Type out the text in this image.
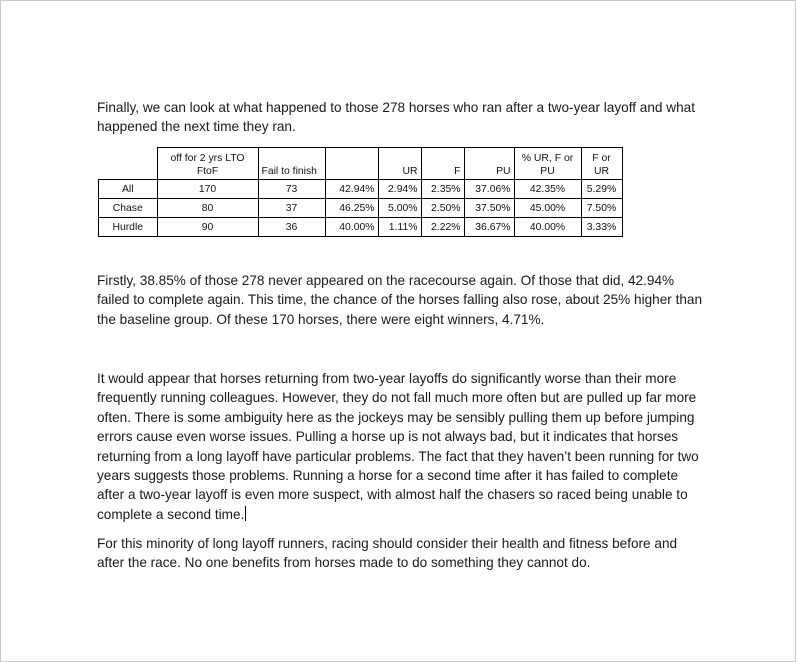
Finally, we can look at what happened to those 278 horses who ran after a two-year layoff and what happened the next time they ran.

	off for 2 yrs LTO FtoF	Fail to finish		UR	F	PU	% UR, F or PU	F or UR
All	170	73	42.94%	2.94%	2.35%	37.06%	42.35%	5.29%
Chase	80	37	46.25%	5.00%	2.50%	37.50%	45.00%	7.50%
Hurdle	90	36	40.00%	1.11%	2.22%	36.67%	40.00%	3.33%

Firstly, 38.85% of those 278 never appeared on the racecourse again. Of those that did, 42.94% failed to complete again. This time, the chance of the horses falling also rose, about 25% higher than the baseline group. Of these 170 horses, there were eight winners, 4.71%.

It would appear that horses returning from two-year layoffs do significantly worse than their more frequently running colleagues. However, they do not fall much more often but are pulled up far more often. There is some ambiguity here as the jockeys may be sensibly pulling them up before jumping errors cause even worse issues. Pulling a horse up is not always bad, but it indicates that horses returning from a long layoff have particular problems. The fact that they haven’t been running for two years suggests those problems. Running a horse for a second time after it has failed to complete after a two-year layoff is even more suspect, with almost half the chasers so raced being unable to complete a second time.

For this minority of long layoff runners, racing should consider their health and fitness before and after the race. No one benefits from horses made to do something they cannot do.
